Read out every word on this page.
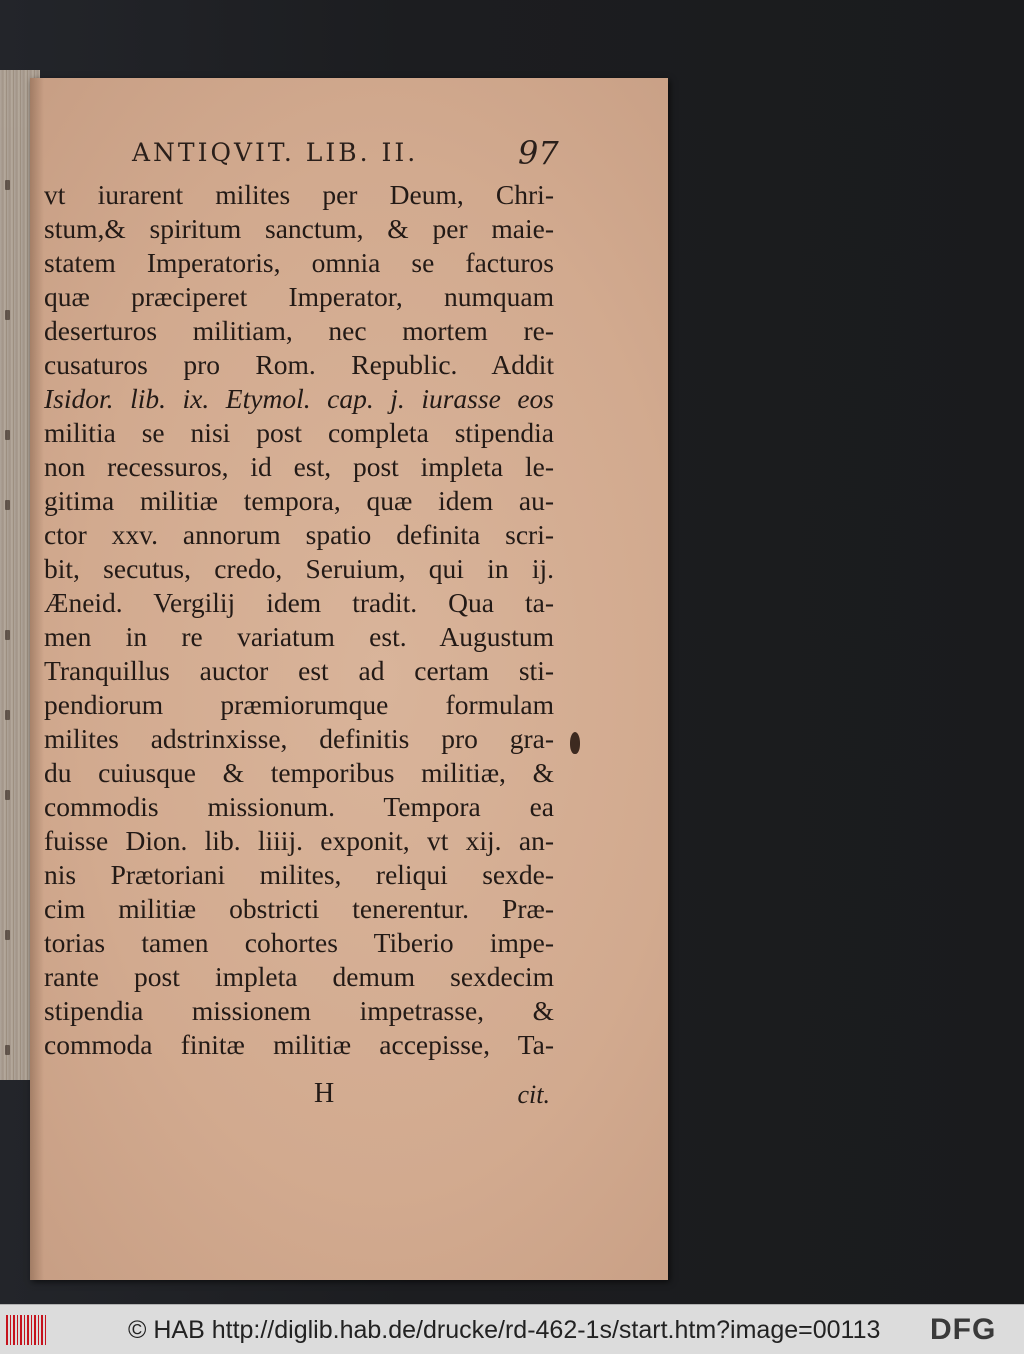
ANTIQVIT. LIB. II.	97
vt iurarent milites per Deum, Chri-
stum,& spiritum sanctum, & per maie-
statem Imperatoris, omnia se facturos
quæ præciperet Imperator, numquam
deserturos militiam, nec mortem re-
cusaturos pro Rom. Republic. Addit
Isidor. lib. ix. Etymol. cap. j. iurasse eos
militia se nisi post completa stipendia
non recessuros, id est, post impleta le-
gitima militiæ tempora, quæ idem au-
ctor xxv. annorum spatio definita scri-
bit, secutus, credo, Seruium, qui in ij.
Æneid. Vergilij idem tradit. Qua ta-
men in re variatum est. Augustum
Tranquillus auctor est ad certam sti-
pendiorum præmiorumque formulam
milites adstrinxisse, definitis pro gra-
du cuiusque & temporibus militiæ, &
commodis missionum. Tempora ea
fuisse Dion. lib. liiij. exponit, vt xij. an-
nis Prætoriani milites, reliqui sexde-
cim militiæ obstricti tenerentur. Præ-
torias tamen cohortes Tiberio impe-
rante post impleta demum sexdecim
stipendia missionem impetrasse, &
commoda finitæ militiæ accepisse, Ta-
H	cit.
© HAB http://diglib.hab.de/drucke/rd-462-1s/start.htm?image=00113 DFG
